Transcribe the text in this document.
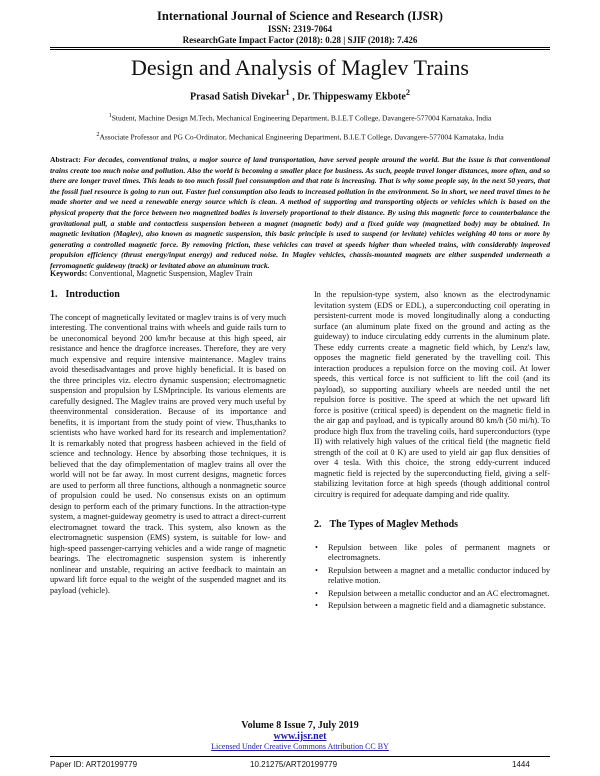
International Journal of Science and Research (IJSR)
ISSN: 2319-7064
ResearchGate Impact Factor (2018): 0.28 | SJIF (2018): 7.426
Design and Analysis of Maglev Trains
Prasad Satish Divekar$^1$ , Dr. Thippeswamy Ekbote$^2$
$^1$Student, Machine Design M.Tech, Mechanical Engineering Department, B.I.E.T College, Davangere-577004 Karnataka, India
$^2$Associate Professor and PG Co-Ordinator, Mechanical Engineering Department, B.I.E.T College, Davangere-577004 Karnataka, India
Abstract: For decades, conventional trains, a major source of land transportation, have served people around the world. But the issue is that conventional trains create too much noise and pollution. Also the world is becoming a smaller place for business. As such, people travel longer distances, more often, and so there are longer travel times. This leads to too much fossil fuel consumption and that rate is increasing. That is why some people say, in the next 50 years, that the fossil fuel resource is going to run out. Faster fuel consumption also leads to increased pollution in the environment. So in short, we need travel times to be made shorter and we need a renewable energy source which is clean. A method of supporting and transporting objects or vehicles which is based on the physical property that the force between two magnetized bodies is inversely proportional to their distance. By using this magnetic force to counterbalance the gravitational pull, a stable and contactless suspension between a magnet (magnetic body) and a fixed guide way (magnetized body) may be obtained. In magnetic levitation (Maglev), also known as magnetic suspension, this basic principle is used to suspend (or levitate) vehicles weighing 40 tons or more by generating a controlled magnetic force. By removing friction, these vehicles can travel at speeds higher than wheeled trains, with considerably improved propulsion efficiency (thrust energy/input energy) and reduced noise. In Maglev vehicles, chassis-mounted magnets are either suspended underneath a ferromagnetic guideway (track) or levitated above an aluminum track.
Keywords: Conventional, Magnetic Suspension, Maglev Train
1. Introduction

The concept of magnetically levitated or maglev trains is of very much interesting. The conventional trains with wheels and guide rails turn to be uneconomical beyond 200 km/hr because at this high speed, air resistance and hence the dragforce increases. Therefore, they are very much expensive and require intensive maintenance. Maglev trains avoid thesedisadvantages and prove highly beneficial. It is based on the three principles viz. electro dynamic suspension; electromagnetic suspension and propulsion by LSMprinciple. Its various elements are carefully designed. The Maglev trains are proved very much useful by theenvironmental consideration. Because of its importance and benefits, it is important from the study point of view. Thus,thanks to scientists who have worked hard for its research and implementation? It is remarkably noted that progress hasbeen achieved in the field of science and technology. Hence by absorbing those techniques, it is believed that the day ofimplementation of maglev trains all over the world will not be far away. In most current designs, magnetic forces are used to perform all three functions, although a nonmagnetic source of propulsion could be used. No consensus exists on an optimum design to perform each of the primary functions. In the attraction-type system, a magnet-guideway geometry is used to attract a direct-current electromagnet toward the track. This system, also known as the electromagnetic suspension (EMS) system, is suitable for low- and high-speed passenger-carrying vehicles and a wide range of magnetic bearings. The electromagnetic suspension system is inherently nonlinear and unstable, requiring an active feedback to maintain an upward lift force equal to the weight of the suspended magnet and its payload (vehicle).

In the repulsion-type system, also known as the electrodynamic levitation system (EDS or EDL), a superconducting coil operating in persistent-current mode is moved longitudinally along a conducting surface (an aluminum plate fixed on the ground and acting as the guideway) to induce circulating eddy currents in the aluminum plate. These eddy currents create a magnetic field which, by Lenz's law, opposes the magnetic field generated by the travelling coil. This interaction produces a repulsion force on the moving coil. At lower speeds, this vertical force is not sufficient to lift the coil (and its payload), so supporting auxiliary wheels are needed until the net repulsion force is positive. The speed at which the net upward lift force is positive (critical speed) is dependent on the magnetic field in the air gap and payload, and is typically around 80 km/h (50 mi/h). To produce high flux from the traveling coils, hard superconductors (type II) with relatively high values of the critical field (the magnetic field strength of the coil at 0 K) are used to yield air gap flux densities of over 4 tesla. With this choice, the strong eddy-current induced magnetic field is rejected by the superconducting field, giving a self-stabilizing levitation force at high speeds (though additional control circuitry is required for adequate damping and ride quality.

2. The Types of Maglev Methods
• Repulsion between like poles of permanent magnets or electromagnets.
• Repulsion between a magnet and a metallic conductor induced by relative motion.
• Repulsion between a metallic conductor and an AC electromagnet.
• Repulsion between a magnetic field and a diamagnetic substance.
Volume 8 Issue 7, July 2019
www.ijsr.net
Licensed Under Creative Commons Attribution CC BY
Paper ID: ART20199779	10.21275/ART20199779	1444
